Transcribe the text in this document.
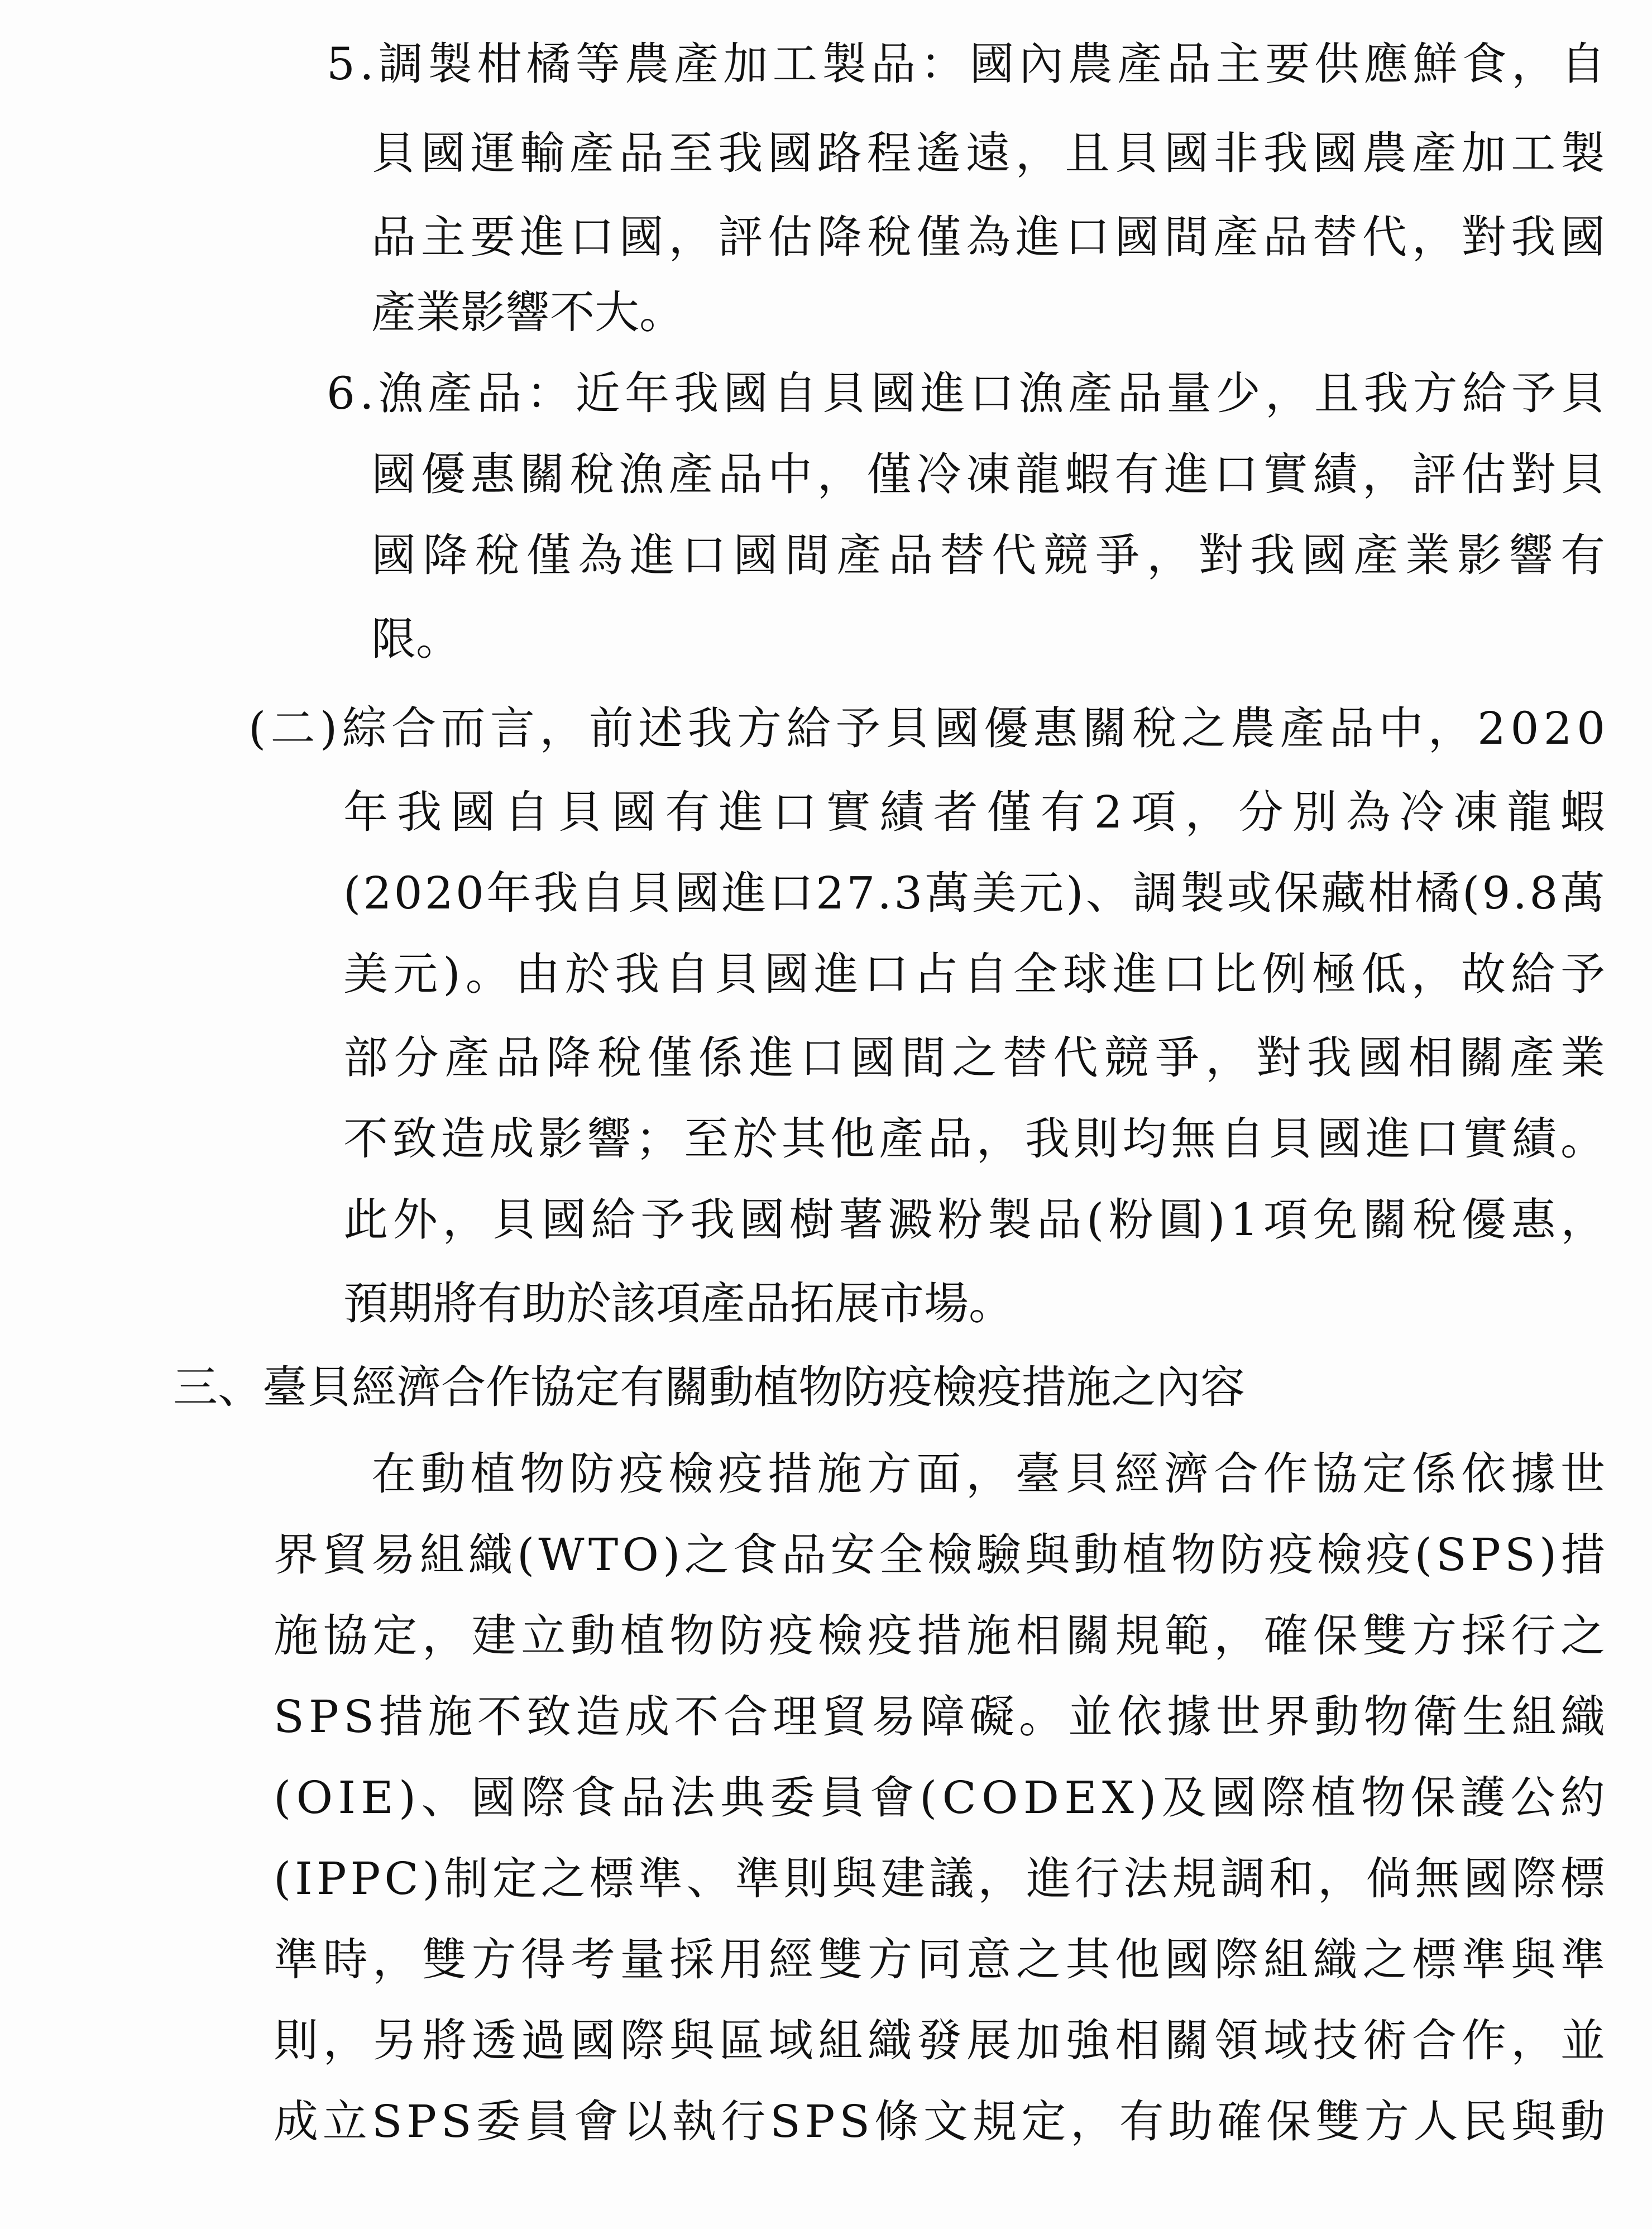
5.調製柑橘等農產加工製品：國內農產品主要供應鮮食，自
貝國運輸產品至我國路程遙遠，且貝國非我國農產加工製
品主要進口國，評估降稅僅為進口國間產品替代，對我國
產業影響不大。
6.漁產品：近年我國自貝國進口漁產品量少，且我方給予貝
國優惠關稅漁產品中，僅冷凍龍蝦有進口實績，評估對貝
國降稅僅為進口國間產品替代競爭，對我國產業影響有
限。
(二)綜合而言，前述我方給予貝國優惠關稅之農產品中，2020
年我國自貝國有進口實績者僅有2項，分別為冷凍龍蝦
(2020年我自貝國進口27.3萬美元)、調製或保藏柑橘(9.8萬
美元)。由於我自貝國進口占自全球進口比例極低，故給予
部分產品降稅僅係進口國間之替代競爭，對我國相關產業
不致造成影響；至於其他產品，我則均無自貝國進口實績。
此外，貝國給予我國樹薯澱粉製品(粉圓)1項免關稅優惠，
預期將有助於該項產品拓展市場。
三、臺貝經濟合作協定有關動植物防疫檢疫措施之內容
在動植物防疫檢疫措施方面，臺貝經濟合作協定係依據世
界貿易組織(WTO)之食品安全檢驗與動植物防疫檢疫(SPS)措
施協定，建立動植物防疫檢疫措施相關規範，確保雙方採行之
SPS措施不致造成不合理貿易障礙。並依據世界動物衛生組織
(OIE)、國際食品法典委員會(CODEX)及國際植物保護公約
(IPPC)制定之標準、準則與建議，進行法規調和，倘無國際標
準時，雙方得考量採用經雙方同意之其他國際組織之標準與準
則，另將透過國際與區域組織發展加強相關領域技術合作，並
成立SPS委員會以執行SPS條文規定，有助確保雙方人民與動
